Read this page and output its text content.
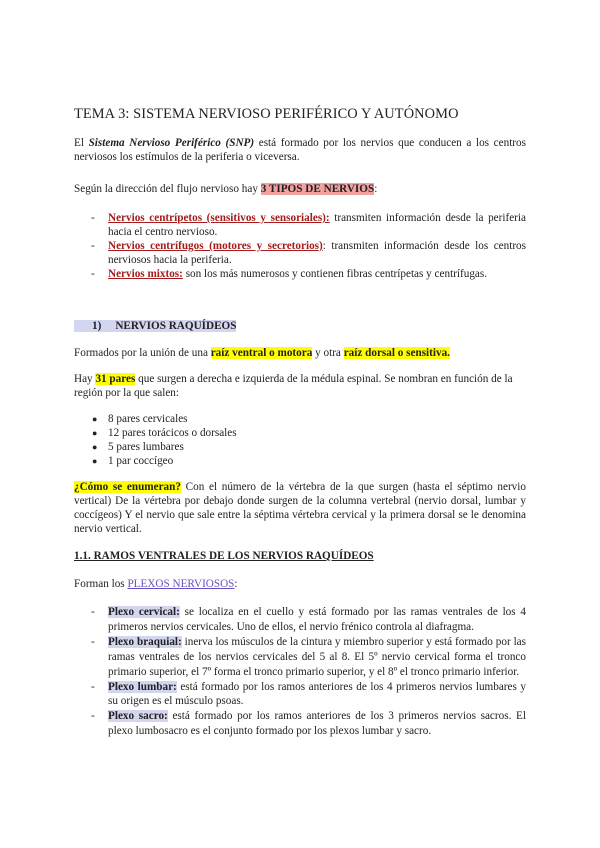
TEMA 3: SISTEMA NERVIOSO PERIFÉRICO Y AUTÓNOMO

El Sistema Nervioso Periférico (SNP) está formado por los nervios que conducen a los centros nerviosos los estímulos de la periferia o viceversa.

Según la dirección del flujo nervioso hay 3 TIPOS DE NERVIOS:

- Nervios centrípetos (sensitivos y sensoriales): transmiten información desde la periferia hacia el centro nervioso.
- Nervios centrífugos (motores y secretorios): transmiten información desde los centros nerviosos hacia la periferia.
- Nervios mixtos: son los más numerosos y contienen fibras centrípetas y centrífugas.

1) NERVIOS RAQUÍDEOS

Formados por la unión de una raíz ventral o motora y otra raíz dorsal o sensitiva.

Hay 31 pares que surgen a derecha e izquierda de la médula espinal. Se nombran en función de la región por la que salen:

● 8 pares cervicales
● 12 pares torácicos o dorsales
● 5 pares lumbares
● 1 par coccígeo

¿Cómo se enumeran? Con el número de la vértebra de la que surgen (hasta el séptimo nervio vertical) De la vértebra por debajo donde surgen de la columna vertebral (nervio dorsal, lumbar y coccígeos) Y el nervio que sale entre la séptima vértebra cervical y la primera dorsal se le denomina nervio vertical.

1.1. RAMOS VENTRALES DE LOS NERVIOS RAQUÍDEOS

Forman los PLEXOS NERVIOSOS:

- Plexo cervical: se localiza en el cuello y está formado por las ramas ventrales de los 4 primeros nervios cervicales. Uno de ellos, el nervio frénico controla al diafragma.
- Plexo braquial: inerva los músculos de la cintura y miembro superior y está formado por las ramas ventrales de los nervios cervicales del 5 al 8. El 5º nervio cervical forma el tronco primario superior, el 7º forma el tronco primario superior, y el 8º el tronco primario inferior.
- Plexo lumbar: está formado por los ramos anteriores de los 4 primeros nervios lumbares y su origen es el músculo psoas.
- Plexo sacro: está formado por los ramos anteriores de los 3 primeros nervios sacros. El plexo lumbosacro es el conjunto formado por los plexos lumbar y sacro.
